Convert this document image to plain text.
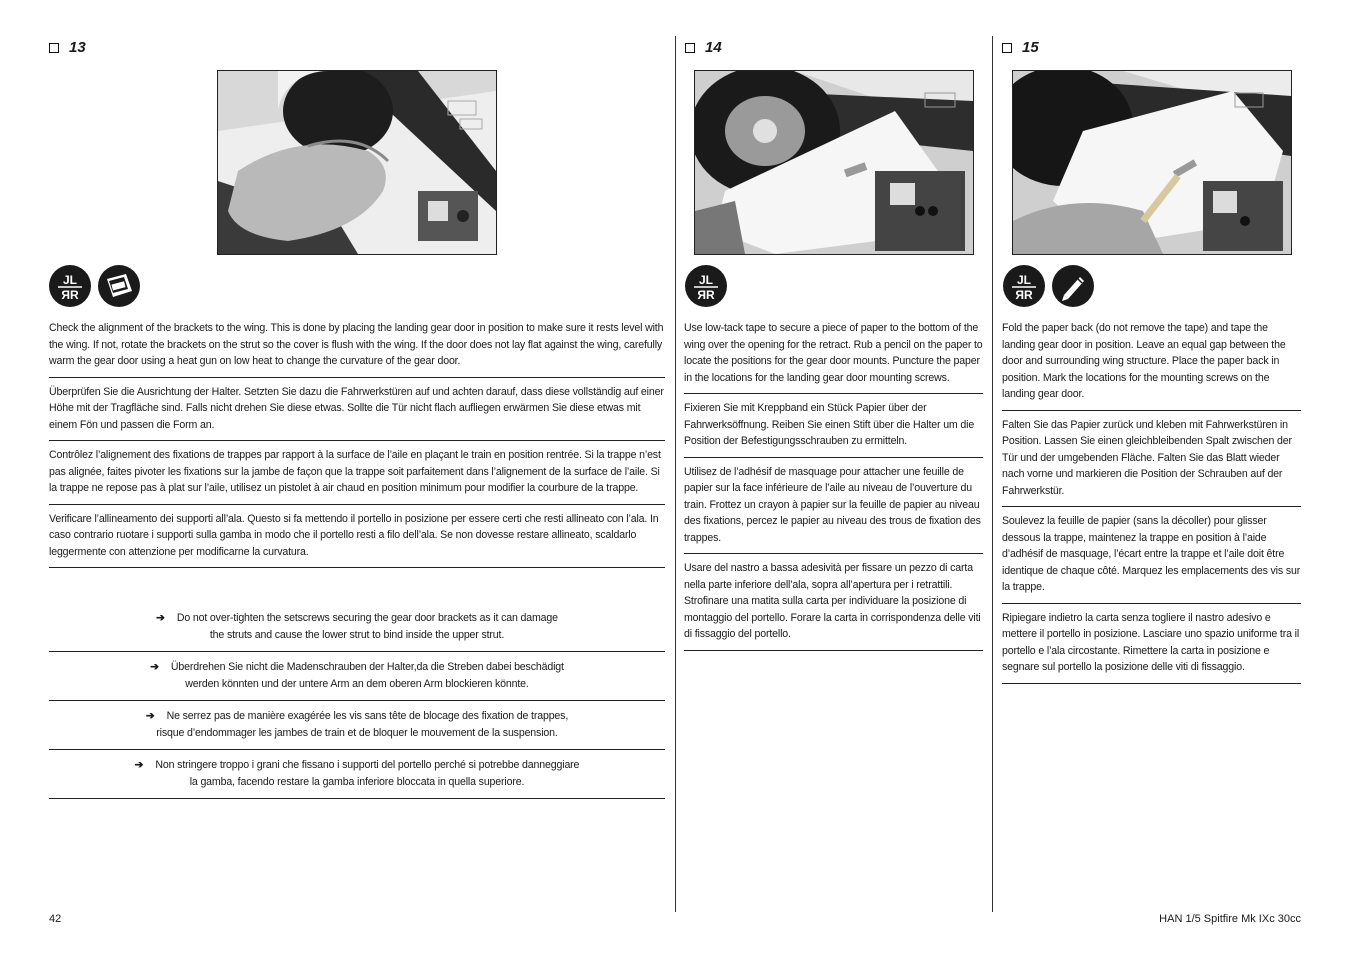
13
JL
ЯR
Check the alignment of the brackets to the wing. This is done by placing the landing gear door in position to make sure it rests level with the wing. If not, rotate the brackets on the strut so the cover is flush with the wing. If the door does not lay flat against the wing, carefully warm the gear door using a heat gun on low heat to change the curvature of the gear door.
Überprüfen Sie die Ausrichtung der Halter. Setzten Sie dazu die Fahrwerkstüren auf und achten darauf, dass diese vollständig auf einer Höhe mit der Tragfläche sind. Falls nicht drehen Sie diese etwas. Sollte die Tür nicht flach aufliegen erwärmen Sie diese etwas mit einem Fön und passen die Form an.
Contrôlez l’alignement des fixations de trappes par rapport à la surface de l’aile en plaçant le train en position rentrée. Si la trappe n’est pas alignée, faites pivoter les fixations sur la jambe de façon que la trappe soit parfaitement dans l’alignement de la surface de l’aile. Si la trappe ne repose pas à plat sur l’aile, utilisez un pistolet à air chaud en position minimum pour modifier la courbure de la trappe.
Verificare l’allineamento dei supporti all’ala. Questo si fa mettendo il portello in posizione per essere certi che resti allineato con l’ala. In caso contrario ruotare i supporti sulla gamba in modo che il portello resti a filo dell’ala. Se non dovesse restare allineato, scaldarlo leggermente con attenzione per modificarne la curvatura.
➔ Do not over-tighten the setscrews securing the gear door brackets as it can damage
the struts and cause the lower strut to bind inside the upper strut.
➔ Überdrehen Sie nicht die Madenschrauben der Halter,da die Streben dabei beschädigt
werden könnten und der untere Arm an dem oberen Arm blockieren könnte.
➔ Ne serrez pas de manière exagérée les vis sans tête de blocage des fixation de trappes,
risque d’endommager les jambes de train et de bloquer le mouvement de la suspension.
➔ Non stringere troppo i grani che fissano i supporti del portello perché si potrebbe danneggiare
la gamba, facendo restare la gamba inferiore bloccata in quella superiore.
14
JL
ЯR
Use low-tack tape to secure a piece of paper to the bottom of the wing over the opening for the retract. Rub a pencil on the paper to locate the positions for the gear door mounts. Puncture the paper in the locations for the landing gear door mounting screws.
Fixieren Sie mit Kreppband ein Stück Papier über der Fahrwerksöffnung. Reiben Sie einen Stift über die Halter um die Position der Befestigungsschrauben zu ermitteln.
Utilisez de l’adhésif de masquage pour attacher une feuille de papier sur la face inférieure de l’aile au niveau de l’ouverture du train. Frottez un crayon à papier sur la feuille de papier au niveau des fixations, percez le papier au niveau des trous de fixation des trappes.
Usare del nastro a bassa adesività per fissare un pezzo di carta nella parte inferiore dell’ala, sopra all’apertura per i retrattili. Strofinare una matita sulla carta per individuare la posizione di montaggio del portello. Forare la carta in corrispondenza delle viti di fissaggio del portello.
15
JL
ЯR
Fold the paper back (do not remove the tape) and tape the landing gear door in position. Leave an equal gap between the door and surrounding wing structure. Place the paper back in position. Mark the locations for the mounting screws on the landing gear door.
Falten Sie das Papier zurück und kleben mit Fahrwerkstüren in Position. Lassen Sie einen gleichbleibenden Spalt zwischen der Tür und der umgebenden Fläche. Falten Sie das Blatt wieder nach vorne und markieren die Position der Schrauben auf der Fahrwerkstür.
Soulevez la feuille de papier (sans la décoller) pour glisser dessous la trappe, maintenez la trappe en position à l’aide d’adhésif de masquage, l’écart entre la trappe et l’aile doit être identique de chaque côté. Marquez les emplacements des vis sur la trappe.
Ripiegare indietro la carta senza togliere il nastro adesivo e mettere il portello in posizione. Lasciare uno spazio uniforme tra il portello e l’ala circostante. Rimettere la carta in posizione e segnare sul portello la posizione delle viti di fissaggio.
42	HAN 1/5 Spitfire Mk IXc 30cc
